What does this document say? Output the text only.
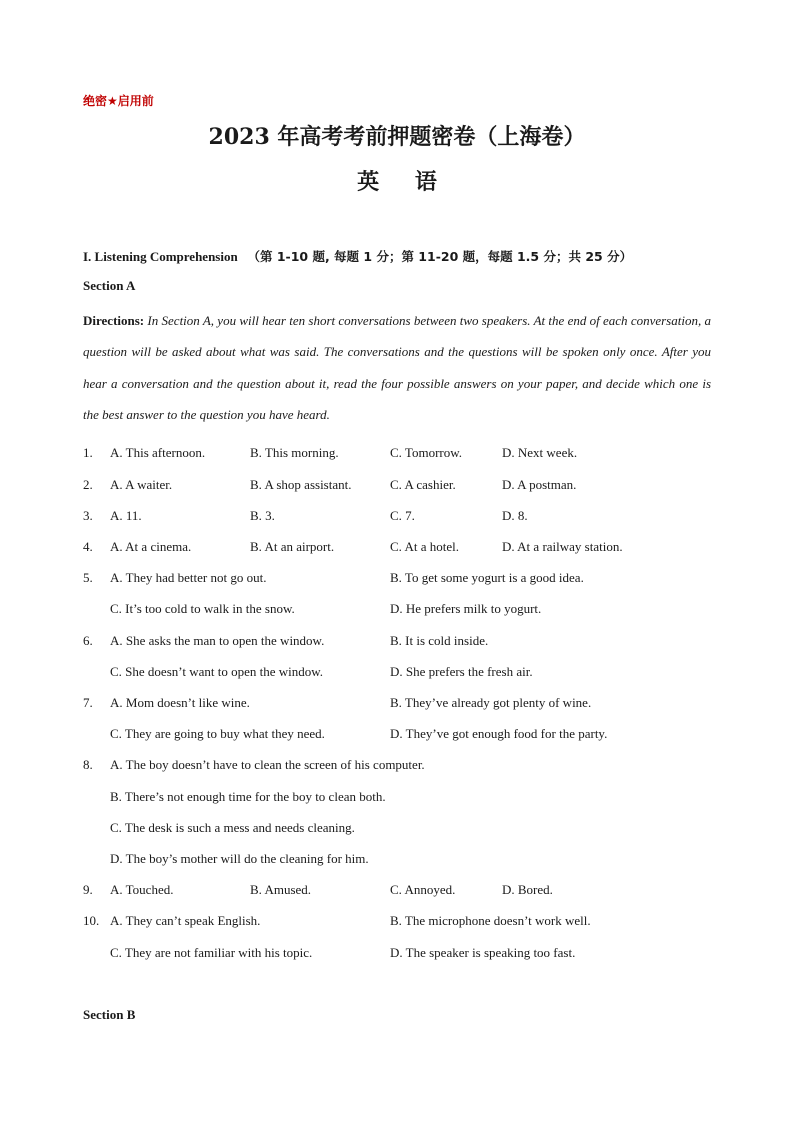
绝密★启用前
2023 年高考考前押题密卷（上海卷）
英 语
I. Listening Comprehension （第 1-10 题, 每题 1 分；第 11-20 题，每题 1.5 分；共 25 分）
Section A
Directions: In Section A, you will hear ten short conversations between two speakers. At the end of each conversation, a question will be asked about what was said. The conversations and the questions will be spoken only once. After you hear a conversation and the question about it, read the four possible answers on your paper, and decide which one is the best answer to the question you have heard.
1. A. This afternoon.	B. This morning.	C. Tomorrow.	D. Next week.
2. A. A waiter.	B. A shop assistant.	C. A cashier.	D. A postman.
3. A. 11.	B. 3.	C. 7.	D. 8.
4. A. At a cinema.	B. At an airport.	C. At a hotel.	D. At a railway station.
5. A. They had better not go out.	B. To get some yogurt is a good idea.
C. It’s too cold to walk in the snow.	D. He prefers milk to yogurt.
6. A. She asks the man to open the window.	B. It is cold inside.
C. She doesn’t want to open the window.	D. She prefers the fresh air.
7. A. Mom doesn’t like wine.	B. They’ve already got plenty of wine.
C. They are going to buy what they need.	D. They’ve got enough food for the party.
8. A. The boy doesn’t have to clean the screen of his computer.
B. There’s not enough time for the boy to clean both.
C. The desk is such a mess and needs cleaning.
D. The boy’s mother will do the cleaning for him.
9. A. Touched.	B. Amused.	C. Annoyed.	D. Bored.
10. A. They can’t speak English.	B. The microphone doesn’t work well.
C. They are not familiar with his topic.	D. The speaker is speaking too fast.
Section B
